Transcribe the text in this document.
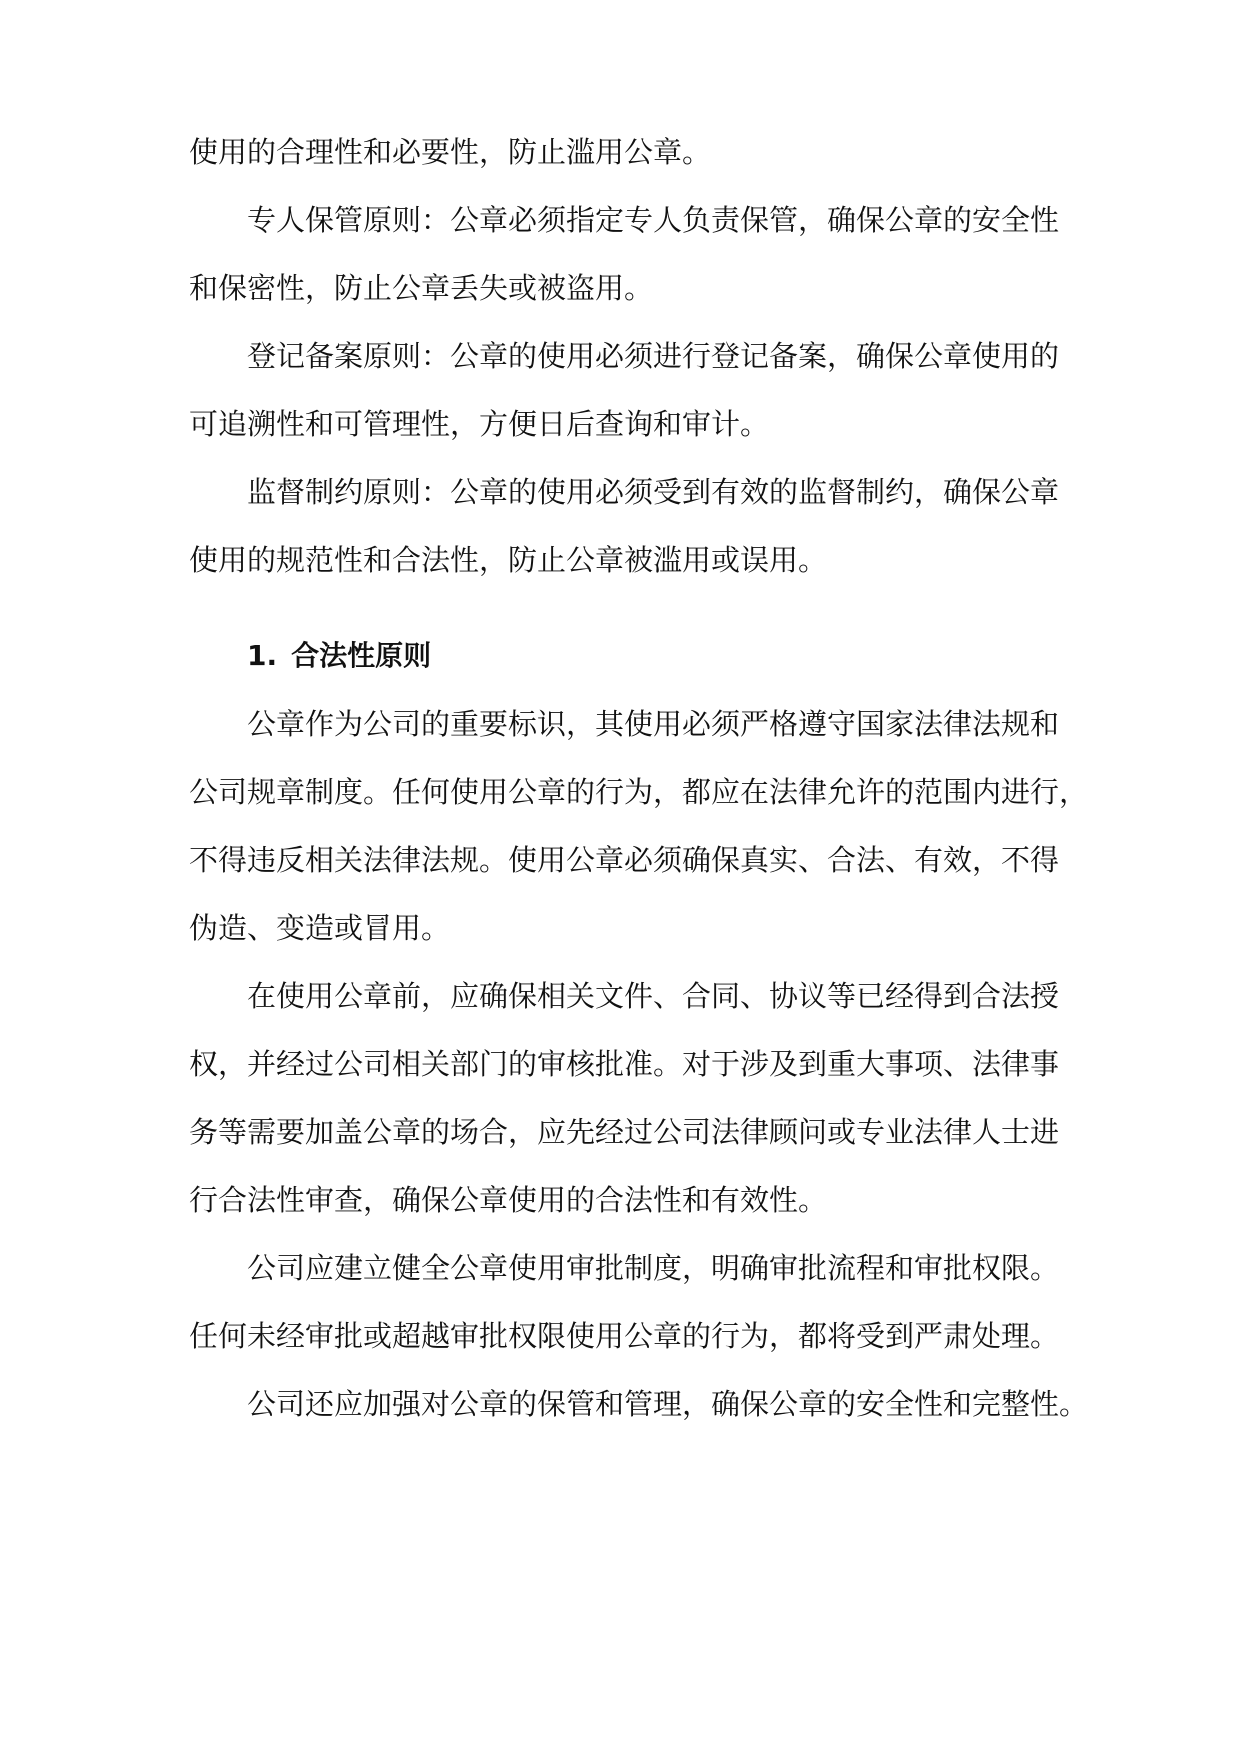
使用的合理性和必要性，防止滥用公章。
专人保管原则：公章必须指定专人负责保管，确保公章的安全性
和保密性，防止公章丢失或被盗用。
登记备案原则：公章的使用必须进行登记备案，确保公章使用的
可追溯性和可管理性，方便日后查询和审计。
监督制约原则：公章的使用必须受到有效的监督制约，确保公章
使用的规范性和合法性，防止公章被滥用或误用。
1. 合法性原则
公章作为公司的重要标识，其使用必须严格遵守国家法律法规和
公司规章制度。任何使用公章的行为，都应在法律允许的范围内进行，
不得违反相关法律法规。使用公章必须确保真实、合法、有效，不得
伪造、变造或冒用。
在使用公章前，应确保相关文件、合同、协议等已经得到合法授
权，并经过公司相关部门的审核批准。对于涉及到重大事项、法律事
务等需要加盖公章的场合，应先经过公司法律顾问或专业法律人士进
行合法性审查，确保公章使用的合法性和有效性。
公司应建立健全公章使用审批制度，明确审批流程和审批权限。
任何未经审批或超越审批权限使用公章的行为，都将受到严肃处理。
公司还应加强对公章的保管和管理，确保公章的安全性和完整性。
